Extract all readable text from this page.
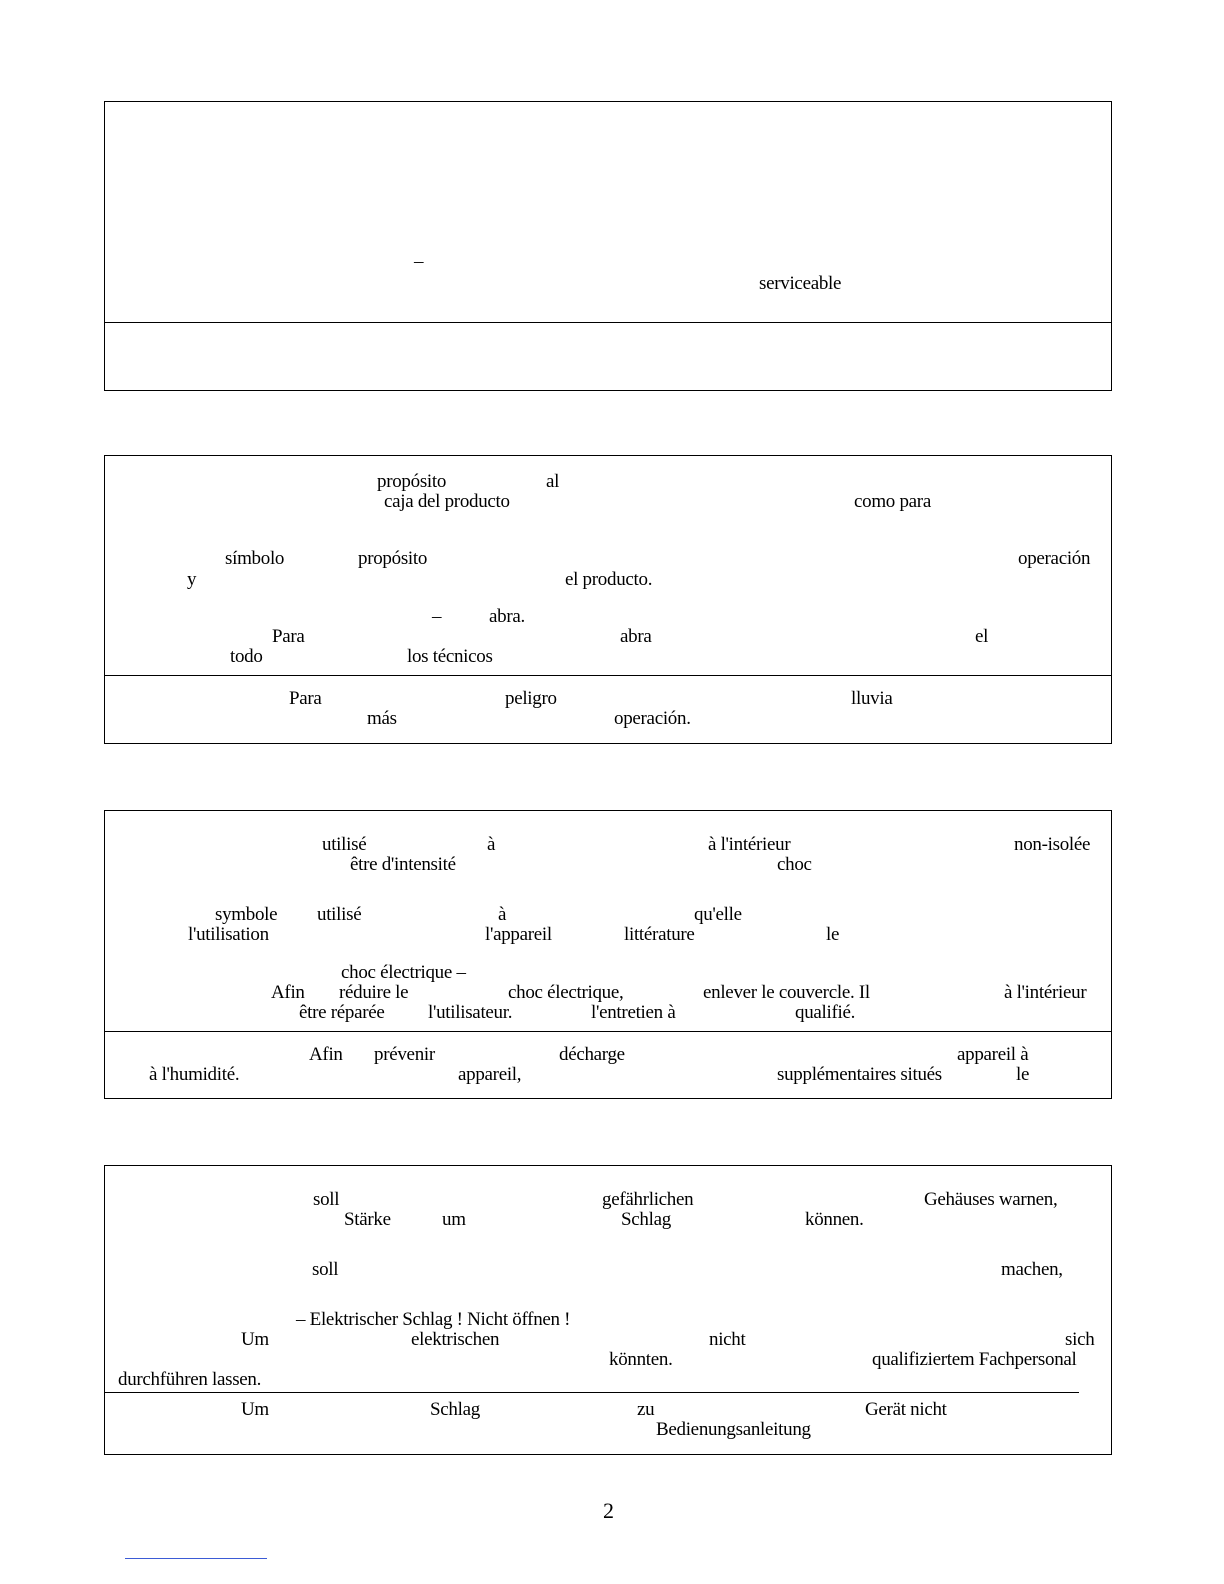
–
serviceable
propósito	al
caja del producto	como para
símbolo	propósito	operación
y	el producto.
–	abra.
Para	abra	el
todo	los técnicos
Para	peligro	lluvia
más	operación.
utilisé	à	à l'intérieur	non-isolée
être d'intensité	choc
symbole utilisé	à	qu'elle
l'utilisation	l'appareil	littérature	le
choc électrique –
Afin réduire le	choc électrique,	enlever le couvercle. Il	à l'intérieur
être réparée l'utilisateur.	l'entretien à	qualifié.
Afin prévenir	décharge	appareil à
à l'humidité.	appareil,	supplémentaires situés	le
soll	gefährlichen	Gehäuses warnen,
Stärke	um	Schlag	können.
soll	machen,
– Elektrischer Schlag ! Nicht öffnen !
Um	elektrischen	nicht	sich
könnten.	qualifiziertem Fachpersonal
durchführen lassen.
Um	Schlag	zu	Gerät nicht
Bedienungsanleitung
2
